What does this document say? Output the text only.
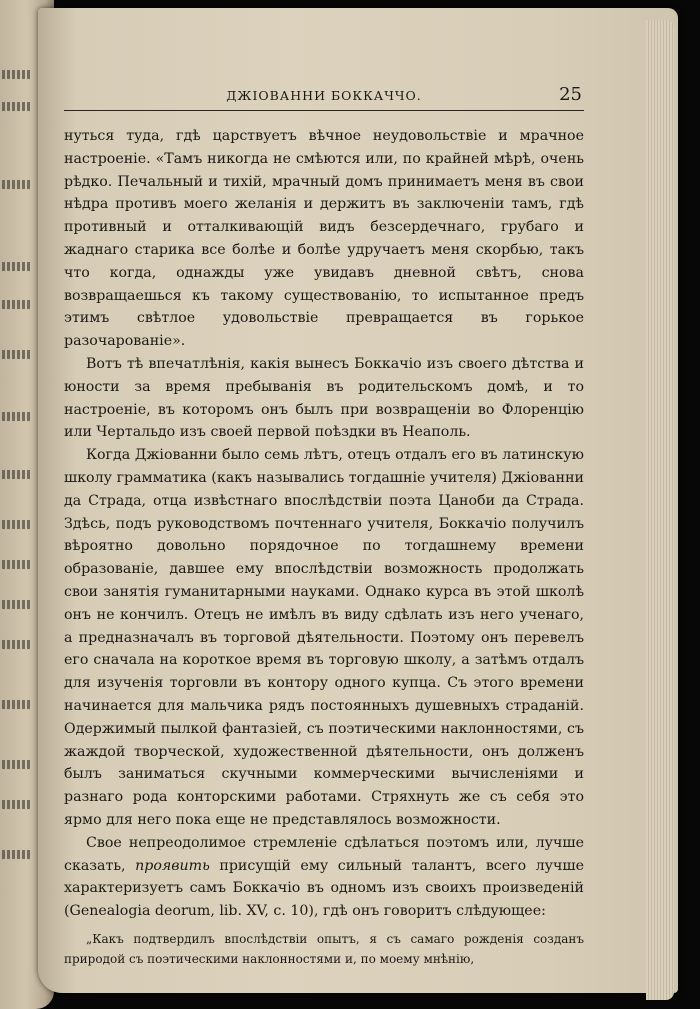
ДЖІОВАННИ БОККАЧЧО.	25

нуться туда, гдѣ царствуетъ вѣчное неудовольствіе и мрачное настроеніе. «Тамъ никогда не смѣются или, по крайней мѣрѣ, очень рѣдко. Печальный и тихій, мрачный домъ принимаетъ меня въ свои нѣдра противъ моего желанія и держитъ въ заключеніи тамъ, гдѣ противный и отталкивающій видъ безсердечнаго, грубаго и жаднаго старика все болѣе и болѣе удручаетъ меня скорбью, такъ что когда, однажды уже увидавъ дневной свѣтъ, снова возвращаешься къ такому существованію, то испытанное предъ этимъ свѣтлое удовольствіе превращается въ горькое разочарованіе».

Вотъ тѣ впечатлѣнія, какія вынесъ Боккачіо изъ своего дѣтства и юности за время пребыванія въ родительскомъ домѣ, и то настроеніе, въ которомъ онъ былъ при возвращеніи во Флоренцію или Чертальдо изъ своей первой поѣздки въ Неаполь.

Когда Джіованни было семь лѣтъ, отецъ отдалъ его въ латинскую школу грамматика (какъ назывались тогдашніе учителя) Джіованни да Страда, отца извѣстнаго впослѣдствіи поэта Цаноби да Страда. Здѣсь, подъ руководствомъ почтеннаго учителя, Боккачіо получилъ вѣроятно довольно порядочное по тогдашнему времени образованіе, давшее ему впослѣдствіи возможность продолжать свои занятія гуманитарными науками. Однако курса въ этой школѣ онъ не кончилъ. Отецъ не имѣлъ въ виду сдѣлать изъ него ученаго, а предназначалъ въ торговой дѣятельности. Поэтому онъ перевелъ его сначала на короткое время въ торговую школу, а затѣмъ отдалъ для изученія торговли въ контору одного купца. Съ этого времени начинается для мальчика рядъ постоянныхъ душевныхъ страданій. Одержимый пылкой фантазіей, съ поэтическими наклонностями, съ жаждой творческой, художественной дѣятельности, онъ долженъ былъ заниматься скучными коммерческими вычисленіями и разнаго рода конторскими работами. Стряхнуть же съ себя это ярмо для него пока еще не представлялось возможности.

Свое непреодолимое стремленіе сдѣлаться поэтомъ или, лучше сказать, проявить присущій ему сильный талантъ, всего лучше характеризуетъ самъ Боккачіо въ одномъ изъ своихъ произведеній (Genealogia deorum, lib. XV, c. 10), гдѣ онъ говоритъ слѣдующее:

„Какъ подтвердилъ впослѣдствіи опытъ, я съ самаго рожденія созданъ природой съ поэтическими наклонностями и, по моему мнѣнію,
